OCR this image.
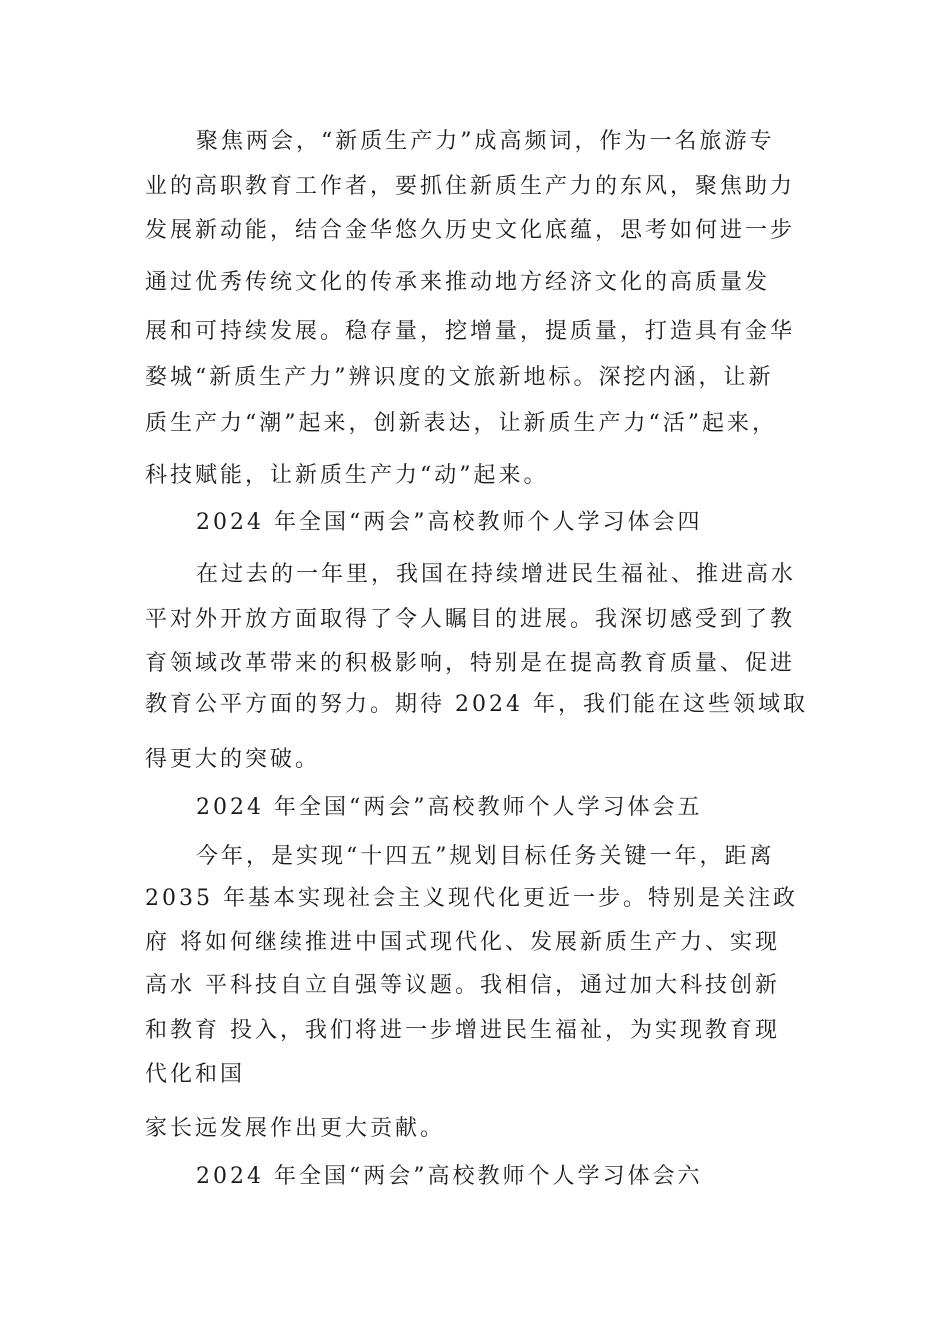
聚焦两会，“新质生产力”成高频词，作为一名旅游专
业的高职教育工作者，要抓住新质生产力的东风，聚焦助力
发展新动能，结合金华悠久历史文化底蕴，思考如何进一步
通过优秀传统文化的传承来推动地方经济文化的高质量发
展和可持续发展。稳存量，挖增量，提质量，打造具有金华
婺城“新质生产力”辨识度的文旅新地标。深挖内涵，让新
质生产力“潮”起来，创新表达，让新质生产力“活”起来，
科技赋能，让新质生产力“动”起来。
2024 年全国“两会”高校教师个人学习体会四
在过去的一年里，我国在持续增进民生福祉、推进高水
平对外开放方面取得了令人瞩目的进展。我深切感受到了教
育领域改革带来的积极影响，特别是在提高教育质量、促进
教育公平方面的努力。期待 2024 年，我们能在这些领域取
得更大的突破。
2024 年全国“两会”高校教师个人学习体会五
今年，是实现“十四五”规划目标任务关键一年，距离
2035 年基本实现社会主义现代化更近一步。特别是关注政
府 将如何继续推进中国式现代化、发展新质生产力、实现
高水 平科技自立自强等议题。我相信，通过加大科技创新
和教育 投入，我们将进一步增进民生福祉，为实现教育现
代化和国
家长远发展作出更大贡献。
2024 年全国“两会”高校教师个人学习体会六
